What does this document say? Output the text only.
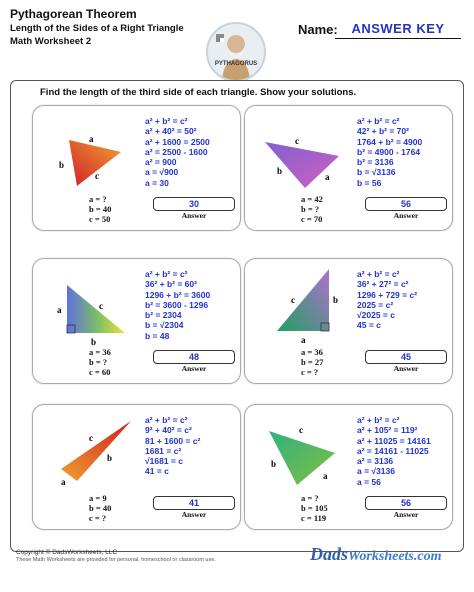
Pythagorean Theorem
Length of the Sides of a Right Triangle
Math Worksheet 2
PYTHAGORUS
Name:	ANSWER KEY
Find the length of the third side of each triangle. Show your solutions.
a
b
c
a = ?
b = 40
c = 50
a² + b² = c²
a² + 40² = 50²
a² + 1600 = 2500
a² = 2500 - 1600
a² = 900
a = √900
a = 30
30
Answer
c
a
b
a = 42
b = ?
c = 70
a² + b² = c²
42² + b² = 70²
1764 + b² = 4900
b² = 4900 - 1764
b² = 3136
b = √3136
b = 56
56
Answer
a	c
b
a = 36
b = ?
c = 60
a² + b² = c²
36² + b² = 60²
1296 + b² = 3600
b² = 3600 - 1296
b² = 2304
b = √2304
b = 48
48
Answer
c	b
a
a = 36
b = 27
c = ?
a² + b² = c²
36² + 27² = c²
1296 + 729 = c²
2025 = c²
√2025 = c
45 = c
45
Answer
c
b
a
a = 9
b = 40
c = ?
a² + b² = c²
9² + 40² = c²
81 + 1600 = c²
1681 = c²
√1681 = c
41 = c
41
Answer
c
a
b
a = ?
b = 105
c = 119
a² + b² = c²
a² + 105² = 119²
a² + 11025 = 14161
a² = 14161 - 11025
a² = 3136
a = √3136
a = 56
56
Answer
Copyright © DadsWorksheets, LLC
These Math Worksheets are provided for personal, homeschool or classroom use.	DadsWorksheets.com
